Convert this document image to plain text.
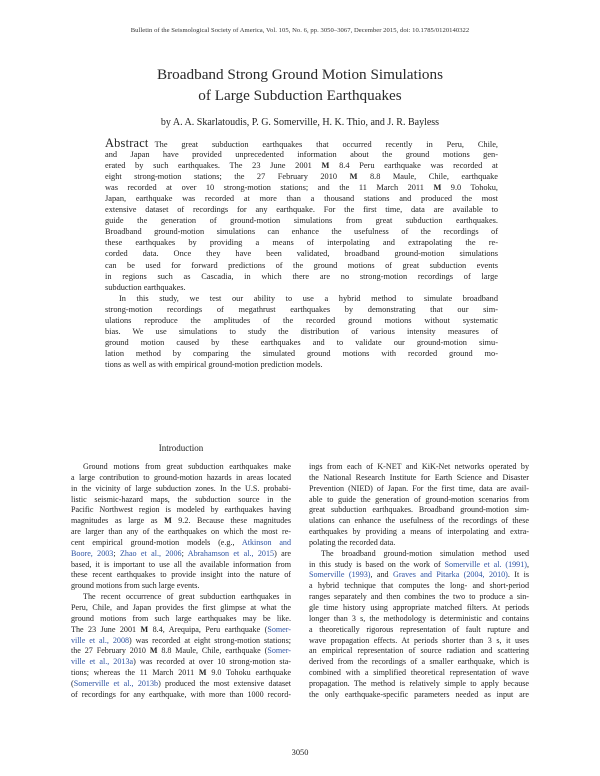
Bulletin of the Seismological Society of America, Vol. 105, No. 6, pp. 3050–3067, December 2015, doi: 10.1785/0120140322
Broadband Strong Ground Motion Simulations
of Large Subduction Earthquakes
by A. A. Skarlatoudis, P. G. Somerville, H. K. Thio, and J. R. Bayless
Abstract The great subduction earthquakes that occurred recently in Peru, Chile,
and Japan have provided unprecedented information about the ground motions gen-
erated by such earthquakes. The 23 June 2001 M 8.4 Peru earthquake was recorded at
eight strong-motion stations; the 27 February 2010 M 8.8 Maule, Chile, earthquake
was recorded at over 10 strong-motion stations; and the 11 March 2011 M 9.0 Tohoku,
Japan, earthquake was recorded at more than a thousand stations and produced the most
extensive dataset of recordings for any earthquake. For the first time, data are available to
guide the generation of ground-motion simulations from great subduction earthquakes.
Broadband ground-motion simulations can enhance the usefulness of the recordings of
these earthquakes by providing a means of interpolating and extrapolating the re-
corded data. Once they have been validated, broadband ground-motion simulations
can be used for forward predictions of the ground motions of great subduction events
in regions such as Cascadia, in which there are no strong-motion recordings of large
subduction earthquakes.
In this study, we test our ability to use a hybrid method to simulate broadband
strong-motion recordings of megathrust earthquakes by demonstrating that our sim-
ulations reproduce the amplitudes of the recorded ground motions without systematic
bias. We use simulations to study the distribution of various intensity measures of
ground motion caused by these earthquakes and to validate our ground-motion simu-
lation method by comparing the simulated ground motions with recorded ground mo-
tions as well as with empirical ground-motion prediction models.
Introduction
Ground motions from great subduction earthquakes make
a large contribution to ground-motion hazards in areas located
in the vicinity of large subduction zones. In the U.S. probabi-
listic seismic-hazard maps, the subduction source in the
Pacific Northwest region is modeled by earthquakes having
magnitudes as large as M 9.2. Because these magnitudes
are larger than any of the earthquakes on which the most re-
cent empirical ground-motion models (e.g., Atkinson and
Boore, 2003; Zhao et al., 2006; Abrahamson et al., 2015) are
based, it is important to use all the available information from
these recent earthquakes to provide insight into the nature of
ground motions from such large events.
The recent occurrence of great subduction earthquakes in
Peru, Chile, and Japan provides the first glimpse at what the
ground motions from such large earthquakes may be like.
The 23 June 2001 M 8.4, Arequipa, Peru earthquake (Somer-
ville et al., 2008) was recorded at eight strong-motion stations;
the 27 February 2010 M 8.8 Maule, Chile, earthquake (Somer-
ville et al., 2013a) was recorded at over 10 strong-motion sta-
tions; whereas the 11 March 2011 M 9.0 Tohoku earthquake
(Somerville et al., 2013b) produced the most extensive dataset
of recordings for any earthquake, with more than 1000 record-
ings from each of K-NET and KiK-Net networks operated by
the National Research Institute for Earth Science and Disaster
Prevention (NIED) of Japan. For the first time, data are avail-
able to guide the generation of ground-motion scenarios from
great subduction earthquakes. Broadband ground-motion sim-
ulations can enhance the usefulness of the recordings of these
earthquakes by providing a means of interpolating and extra-
polating the recorded data.
The broadband ground-motion simulation method used
in this study is based on the work of Somerville et al. (1991),
Somerville (1993), and Graves and Pitarka (2004, 2010). It is
a hybrid technique that computes the long- and short-period
ranges separately and then combines the two to produce a sin-
gle time history using appropriate matched filters. At periods
longer than 3 s, the methodology is deterministic and contains
a theoretically rigorous representation of fault rupture and
wave propagation effects. At periods shorter than 3 s, it uses
an empirical representation of source radiation and scattering
derived from the recordings of a smaller earthquake, which is
combined with a simplified theoretical representation of wave
propagation. The method is relatively simple to apply because
the only earthquake-specific parameters needed as input are
3050
